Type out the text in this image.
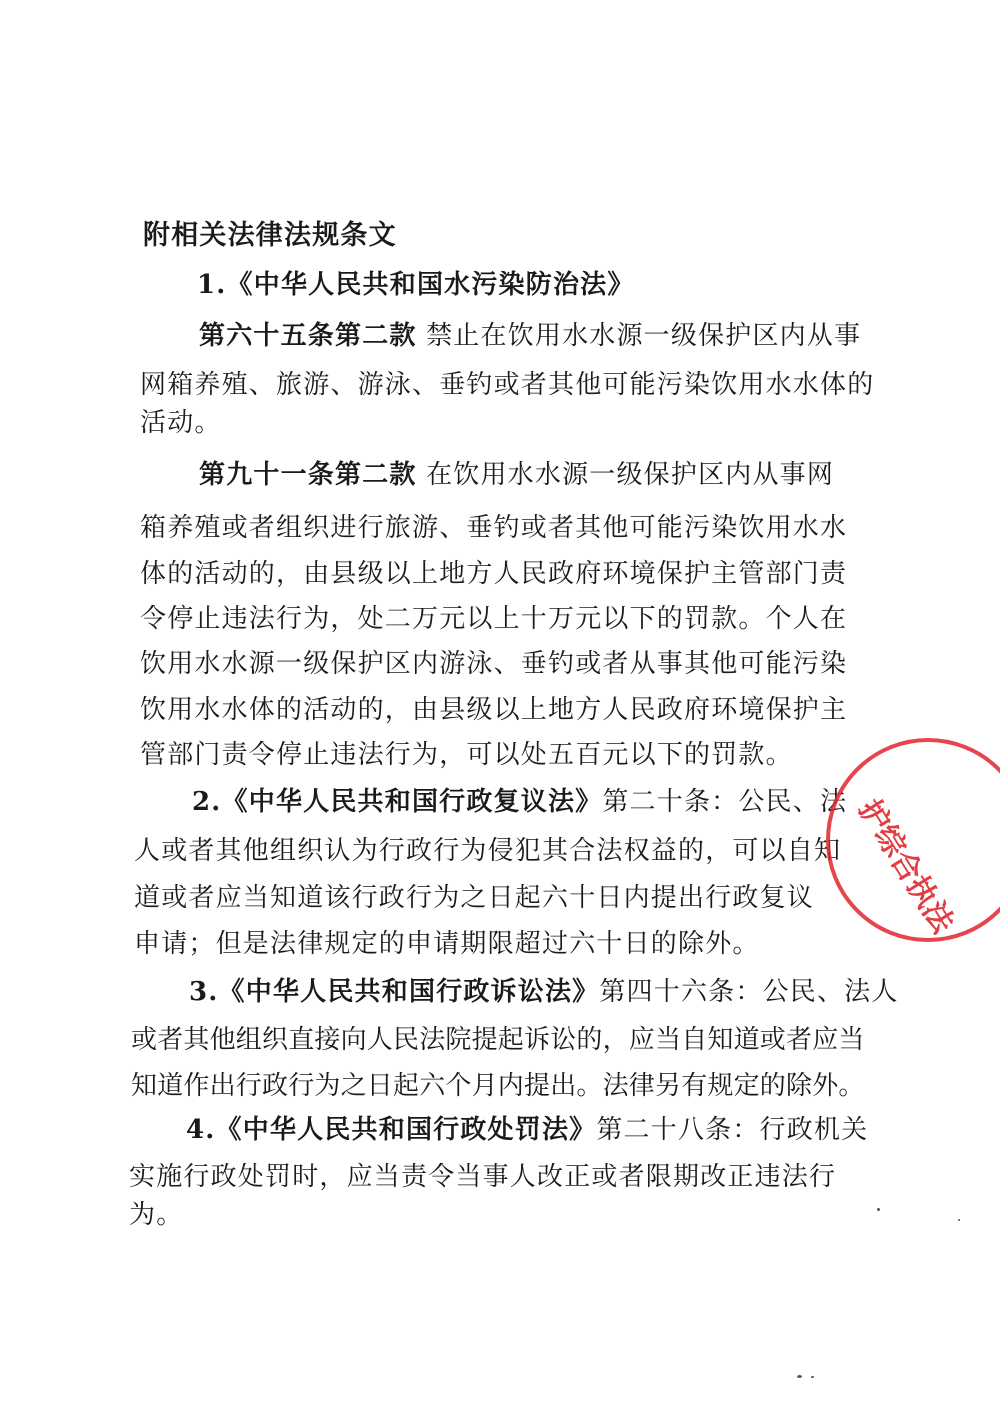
附相关法律法规条文
1.《中华人民共和国水污染防治法》
第六十五条第二款 禁止在饮用水水源一级保护区内从事
网箱养殖、旅游、游泳、垂钓或者其他可能污染饮用水水体的
活动。
第九十一条第二款 在饮用水水源一级保护区内从事网
箱养殖或者组织进行旅游、垂钓或者其他可能污染饮用水水
体的活动的，由县级以上地方人民政府环境保护主管部门责
令停止违法行为，处二万元以上十万元以下的罚款。个人在
饮用水水源一级保护区内游泳、垂钓或者从事其他可能污染
饮用水水体的活动的，由县级以上地方人民政府环境保护主
管部门责令停止违法行为，可以处五百元以下的罚款。
2.《中华人民共和国行政复议法》第二十条：公民、法
人或者其他组织认为行政行为侵犯其合法权益的，可以自知
道或者应当知道该行政行为之日起六十日内提出行政复议
申请；但是法律规定的申请期限超过六十日的除外。
3.《中华人民共和国行政诉讼法》第四十六条：公民、法人
或者其他组织直接向人民法院提起诉讼的，应当自知道或者应当
知道作出行政行为之日起六个月内提出。法律另有规定的除外。
4.《中华人民共和国行政处罚法》第二十八条：行政机关
实施行政处罚时，应当责令当事人改正或者限期改正违法行
为。
护综合执法
